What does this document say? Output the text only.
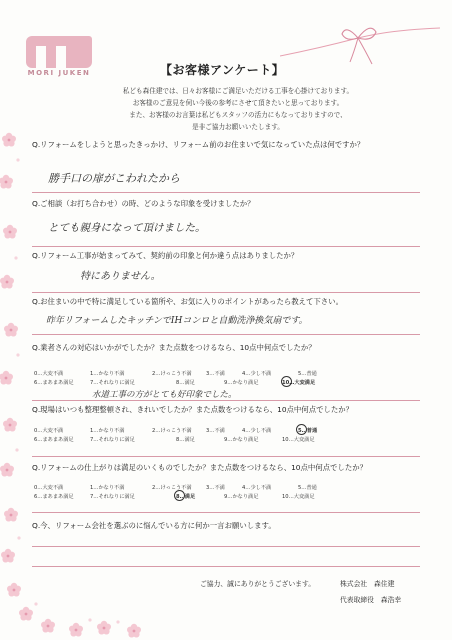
MORI JUKEN	【お客様アンケート】
私ども森住建では、日々お客様にご満足いただける工事を心掛けております。
お客様のご意見を伺い今後の参考にさせて頂きたいと思っております。
また、お客様のお言葉は私どもスタッフの活力にもなっておりますので、
是非ご協力お願いいたします。
Q.リフォームをしようと思ったきっかけ、リフォーム前のお住まいで気になっていた点は何ですか？
勝手口の扉がこわれたから
Q.ご相談（お打ち合わせ）の時、どのような印象を受けましたか？
とても親身になって頂けました。
Q.リフォーム工事が始まってみて、契約前の印象と何か違う点はありましたか？
特にありません。
Q.お住まいの中で特に満足している箇所や、お気に入りのポイントがあったら教えて下さい。
昨年リフォームしたキッチンでIHコンロと自動洗浄換気扇です。
Q.業者さんの対応はいかがでしたか？また点数をつけるなら、10点中何点でしたか？
0…大変不満	1…かなり不満	2…けっこう不満	3…不満	4…少し不満	5…普通
6…まあまあ満足	7…それなりに満足	8…満足	9…かなり満足	10…大変満足
水道工事の方がとても好印象でした。
Q.現場はいつも整理整頓され、きれいでしたか？また点数をつけるなら、10点中何点でしたか？
0…大変不満	1…かなり不満	2…けっこう不満	3…不満	4…少し不満	5…普通
6…まあまあ満足	7…それなりに満足	8…満足	9…かなり満足	10…大変満足
Q.リフォームの仕上がりは満足のいくものでしたか？また点数をつけるなら、10点中何点でしたか？
0…大変不満	1…かなり不満	2…けっこう不満	3…不満	4…少し不満	5…普通
6…まあまあ満足	7…それなりに満足	8…満足	9…かなり満足	10…大変満足
Q.今、リフォーム会社を選ぶのに悩んでいる方に何か一言お願いします。
ご協力、誠にありがとうございます。	株式会社　森住建
代表取締役　森浩幸
